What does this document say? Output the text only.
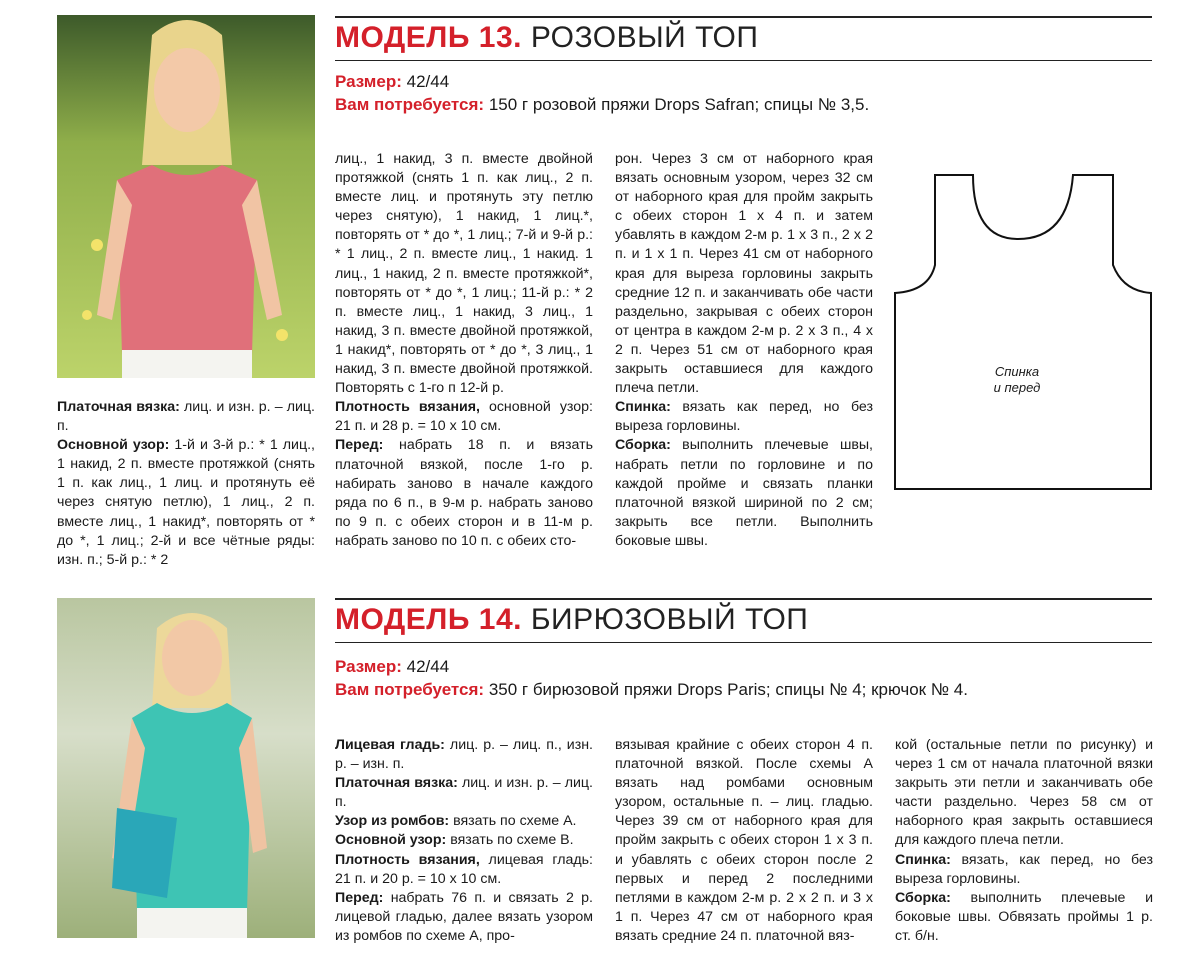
МОДЕЛЬ 13. РОЗОВЫЙ ТОП
Размер: 42/44
Вам потребуется: 150 г розовой пряжи Drops Safran; спицы № 3,5.

Платочная вязка: лиц. и изн. р. – лиц. п.

Основной узор: 1-й и 3-й р.: * 1 лиц., 1 накид, 2 п. вместе протяжкой (снять 1 п. как лиц., 1 лиц. и протянуть её через снятую петлю), 1 лиц., 2 п. вместе лиц., 1 накид*, повторять от * до *, 1 лиц.; 2-й и все чётные ряды: изн. п.; 5-й р.: * 2

лиц., 1 накид, 3 п. вместе двойной протяжкой (снять 1 п. как лиц., 2 п. вместе лиц. и протянуть эту петлю через снятую), 1 накид, 1 лиц.*, повторять от * до *, 1 лиц.; 7-й и 9-й р.: * 1 лиц., 2 п. вместе лиц., 1 накид. 1 лиц., 1 накид, 2 п. вместе протяжкой*, повторять от * до *, 1 лиц.; 11-й р.: * 2 п. вместе лиц., 1 накид, 3 лиц., 1 накид, 3 п. вместе двойной протяжкой, 1 накид*, повторять от * до *, 3 лиц., 1 накид, 3 п. вместе двойной протяжкой. Повторять с 1-го п 12-й р.

Плотность вязания, основной узор: 21 п. и 28 р. = 10 х 10 см.

Перед: набрать 18 п. и вязать платочной вязкой, после 1-го р. набирать заново в начале каждого ряда по 6 п., в 9-м р. набрать заново по 9 п. с обеих сторон и в 11-м р. набрать заново по 10 п. с обеих сто-

рон. Через 3 см от наборного края вязать основным узором, через 32 см от наборного края для пройм закрыть с обеих сторон 1 х 4 п. и затем убавлять в каждом 2-м р. 1 х 3 п., 2 х 2 п. и 1 х 1 п. Через 41 см от наборного края для выреза горловины закрыть средние 12 п. и заканчивать обе части раздельно, закрывая с обеих сторон от центра в каждом 2-м р. 2 х 3 п., 4 х 2 п. Через 51 см от наборного края закрыть оставшиеся для каждого плеча петли.

Спинка: вязать как перед, но без выреза горловины.

Сборка: выполнить плечевые швы, набрать петли по горловине и по каждой пройме и связать планки платочной вязкой шириной по 2 см; закрыть все петли. Выполнить боковые швы.

Спинка
и перед
МОДЕЛЬ 14. БИРЮЗОВЫЙ ТОП
Размер: 42/44
Вам потребуется: 350 г бирюзовой пряжи Drops Paris; спицы № 4; крючок № 4.

Лицевая гладь: лиц. р. – лиц. п., изн. р. – изн. п.

Платочная вязка: лиц. и изн. р. – лиц. п.

Узор из ромбов: вязать по схеме А.

Основной узор: вязать по схеме В.

Плотность вязания, лицевая гладь: 21 п. и 20 р. = 10 х 10 см.

Перед: набрать 76 п. и связать 2 р. лицевой гладью, далее вязать узором из ромбов по схеме А, про-

вязывая крайние с обеих сторон 4 п. платочной вязкой. После схемы А вязать над ромбами основным узором, остальные п. – лиц. гладью. Через 39 см от наборного края для пройм закрыть с обеих сторон 1 х 3 п. и убавлять с обеих сторон после 2 первых и перед 2 последними петлями в каждом 2-м р. 2 х 2 п. и 3 х 1 п. Через 47 см от наборного края вязать средние 24 п. платочной вяз-

кой (остальные петли по рисунку) и через 1 см от начала платочной вязки закрыть эти петли и заканчивать обе части раздельно. Через 58 см от наборного края закрыть оставшиеся для каждого плеча петли.

Спинка: вязать, как перед, но без выреза горловины.

Сборка: выполнить плечевые и боковые швы. Обвязать проймы 1 р. ст. б/н.
